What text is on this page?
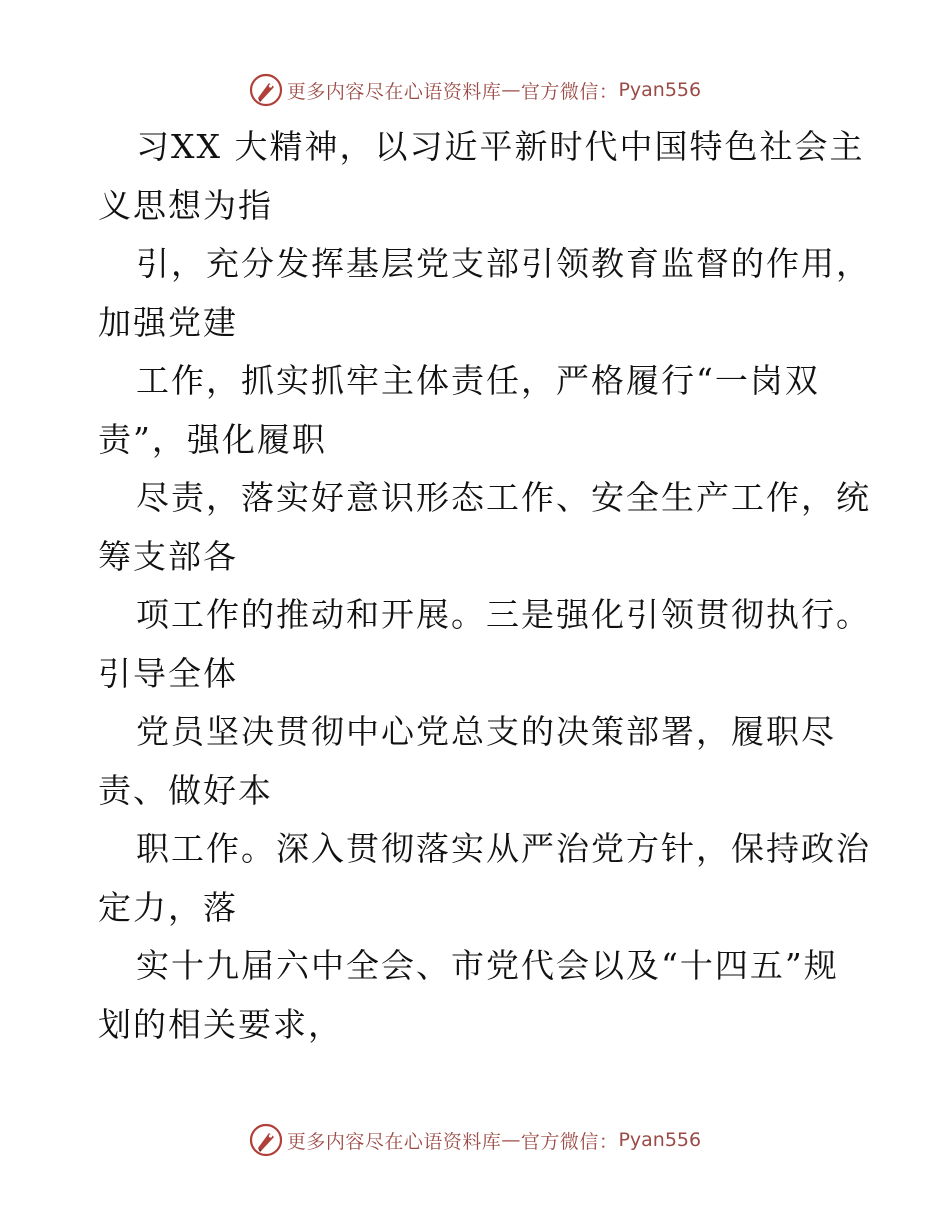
更多内容尽在心语资料库 — 官方微信： Pyan556
习XX 大精神，以习近平新时代中国特色社会主
义思想为指
引，充分发挥基层党支部引领教育监督的作用，
加强党建
工作，抓实抓牢主体责任，严格履行“一岗双
责”，强化履职
尽责，落实好意识形态工作、安全生产工作，统
筹支部各
项工作的推动和开展。三是强化引领贯彻执行。
引导全体
党员坚决贯彻中心党总支的决策部署，履职尽
责、做好本
职工作。深入贯彻落实从严治党方针，保持政治
定力，落
实十九届六中全会、市党代会以及“十四五”规
划的相关要求，
更多内容尽在心语资料库 — 官方微信： Pyan556
